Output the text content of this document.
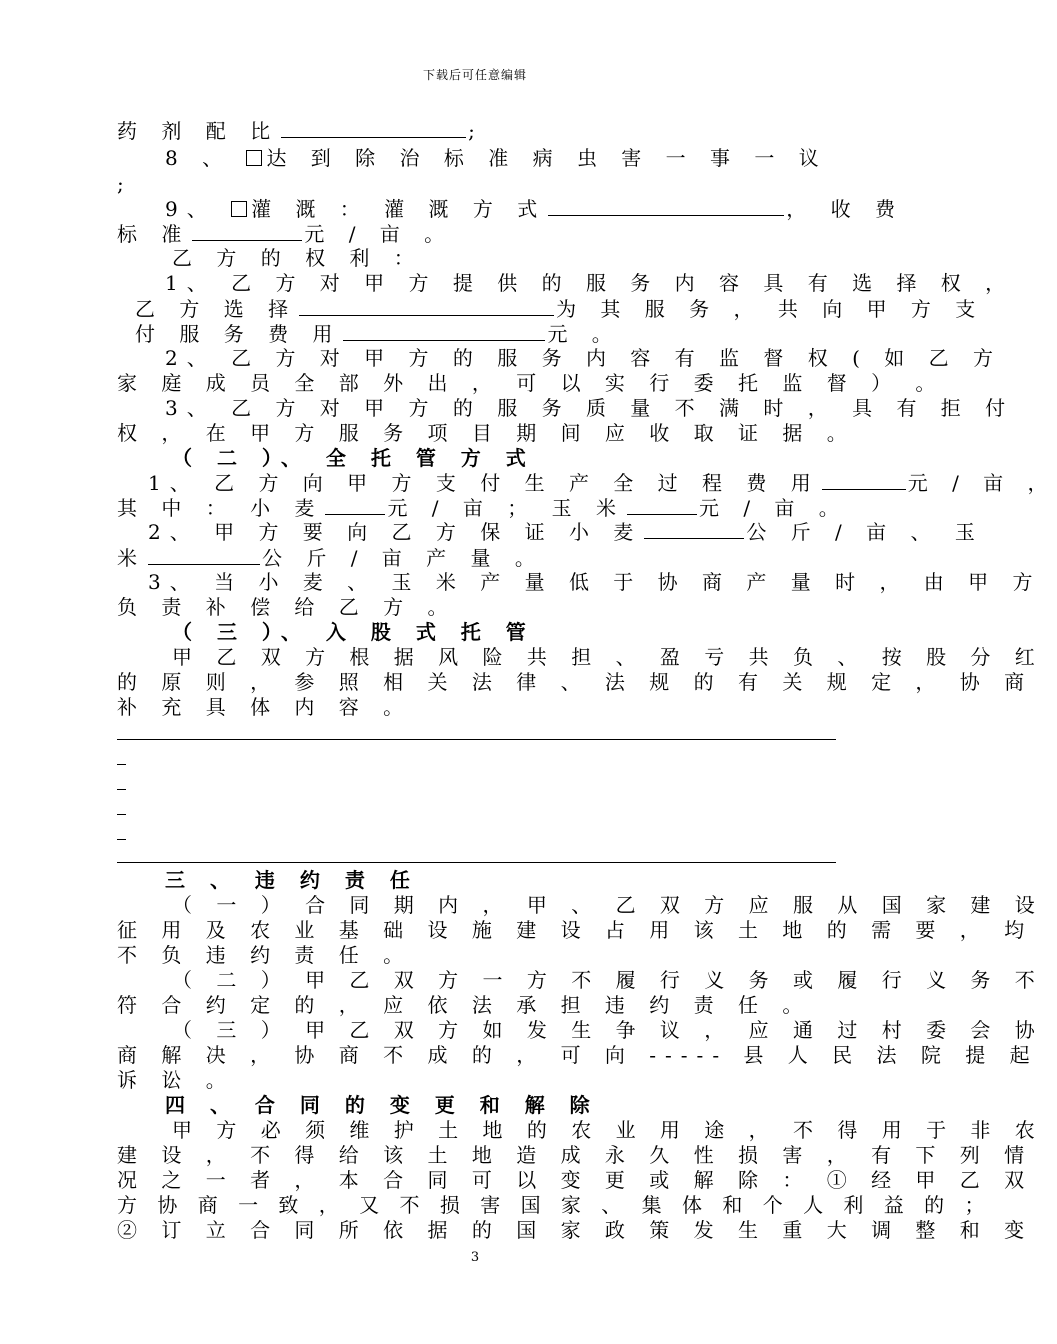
下载后可任意编辑
药 剂 配 比	;
8 、 达 到 除 治 标 准 病 虫 害 一 事 一 议
;
9、 灌 溉 ： 灌 溉 方 式	， 收 费
标 准	元 / 亩 。
乙 方 的 权 利 ：
1、 乙 方 对 甲 方 提 供 的 服 务 内 容 具 有 选 择 权 ，
乙 方 选 择	为 其 服 务 ， 共 向 甲 方 支
付 服 务 费 用	元 。
2、 乙 方 对 甲 方 的 服 务 内 容 有 监 督 权 ( 如 乙 方
家 庭 成 员 全 部 外 出 ， 可 以 实 行 委 托 监 督 ） 。
3、 乙 方 对 甲 方 的 服 务 质 量 不 满 时 ， 具 有 拒 付
权 ， 在 甲 方 服 务 项 目 期 间 应 收 取 证 据 。
（ 二 ）、 全 托 管 方 式
1、 乙 方 向 甲 方 支 付 生 产 全 过 程 费 用	元 / 亩 ，
其 中 ： 小 麦	元 / 亩 ； 玉 米	元 / 亩 。
2、 甲 方 要 向 乙 方 保 证 小 麦	公 斤 / 亩 、 玉
米	公 斤 / 亩 产 量 。
3、 当 小 麦 、 玉 米 产 量 低 于 协 商 产 量 时 ， 由 甲 方
负 责 补 偿 给 乙 方 。
（ 三 ）、 入 股 式 托 管
甲 乙 双 方 根 据 风 险 共 担 、 盈 亏 共 负 、 按 股 分 红
的 原 则 ， 参 照 相 关 法 律 、 法 规 的 有 关 规 定 ， 协 商
补 充 具 体 内 容 。
三 、 违 约 责 任
（ 一 ） 合 同 期 内 ， 甲 、 乙 双 方 应 服 从 国 家 建 设
征 用 及 农 业 基 础 设 施 建 设 占 用 该 土 地 的 需 要 ， 均
不 负 违 约 责 任 。
（ 二 ） 甲 乙 双 方 一 方 不 履 行 义 务 或 履 行 义 务 不
符 合 约 定 的 ， 应 依 法 承 担 违 约 责 任 。
（ 三 ） 甲 乙 双 方 如 发 生 争 议 ， 应 通 过 村 委 会 协
商 解 决 ， 协 商 不 成 的 ， 可 向 ----- 县 人 民 法 院 提 起
诉 讼 。
四 、 合 同 的 变 更 和 解 除
甲 方 必 须 维 护 土 地 的 农 业 用 途 ， 不 得 用 于 非 农
建 设 ， 不 得 给 该 土 地 造 成 永 久 性 损 害 ， 有 下 列 情
况 之 一 者 ， 本 合 同 可 以 变 更 或 解 除 ： ① 经 甲 乙 双
方 协 商 一 致 ， 又 不 损 害 国 家 、 集 体 和 个 人 利 益 的 ；
② 订 立 合 同 所 依 据 的 国 家 政 策 发 生 重 大 调 整 和 变
3
